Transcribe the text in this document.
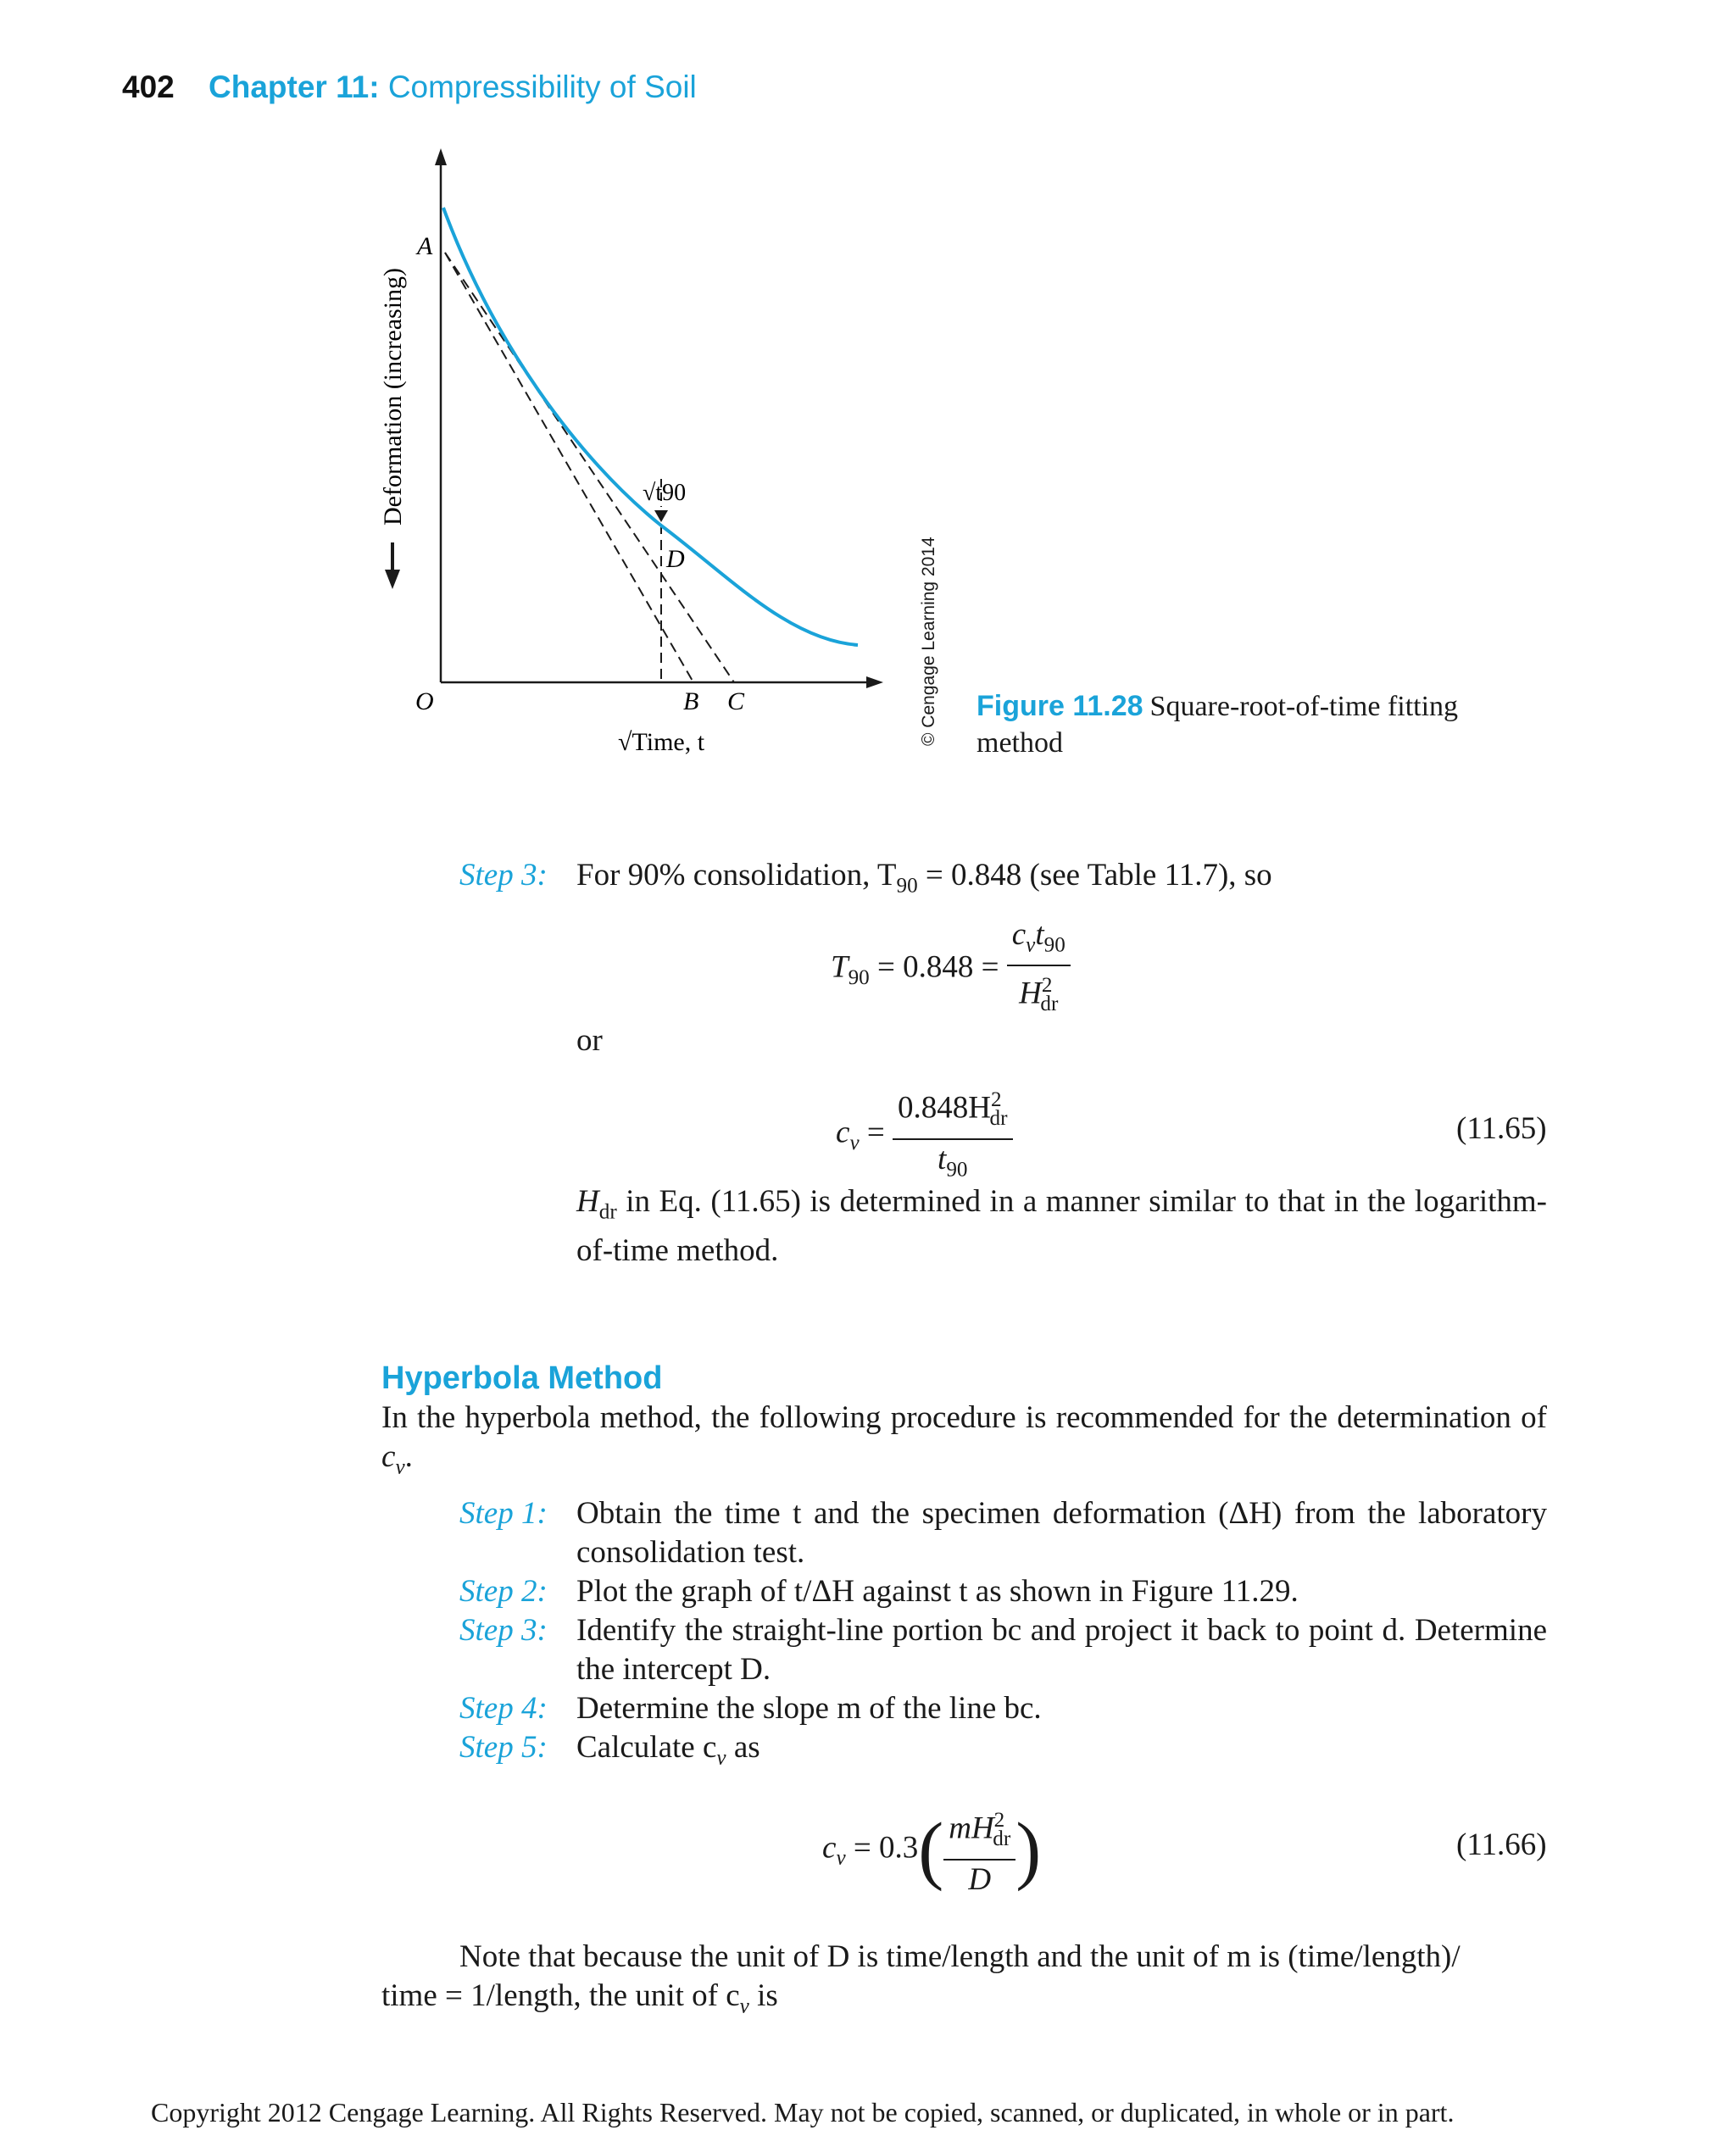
402 Chapter 11: Compressibility of Soil
A
O	B C
D
√t90
√Time, t
Deformation (increasing)
© Cengage Learning 2014 Figure 11.28 Square-root-of-time fitting method
Step 3: For 90% consolidation, $T_{90} = 0.848$ (see Table 11.7), so
$T_{90} = 0.848 = \frac{c_vt_{90}}{H^2_{dr}}$
or
$c_v = \frac{0.848H^2_{dr}}{t_{90}}$	(11.65)
$H_{dr}$ in Eq. (11.65) is determined in a manner similar to that in the logarithm-of-time method.
Hyperbola Method
In the hyperbola method, the following procedure is recommended for the determination of $c_v$.
Step 1: Obtain the time t and the specimen deformation (ΔH) from the laboratory consolidation test.
Step 2: Plot the graph of t/ΔH against t as shown in Figure 11.29.
Step 3: Identify the straight-line portion bc and project it back to point d. Determine the intercept D.
Step 4: Determine the slope m of the line bc.
Step 5: Calculate $c_v$ as
$c_v = 0.3( \frac{mH^2_{dr}}{D}$ )	(11.66)
Note that because the unit of D is time/length and the unit of m is (time/length)/
time = 1/length, the unit of $c_v$ is
Copyright 2012 Cengage Learning. All Rights Reserved. May not be copied, scanned, or duplicated, in whole or in part.
